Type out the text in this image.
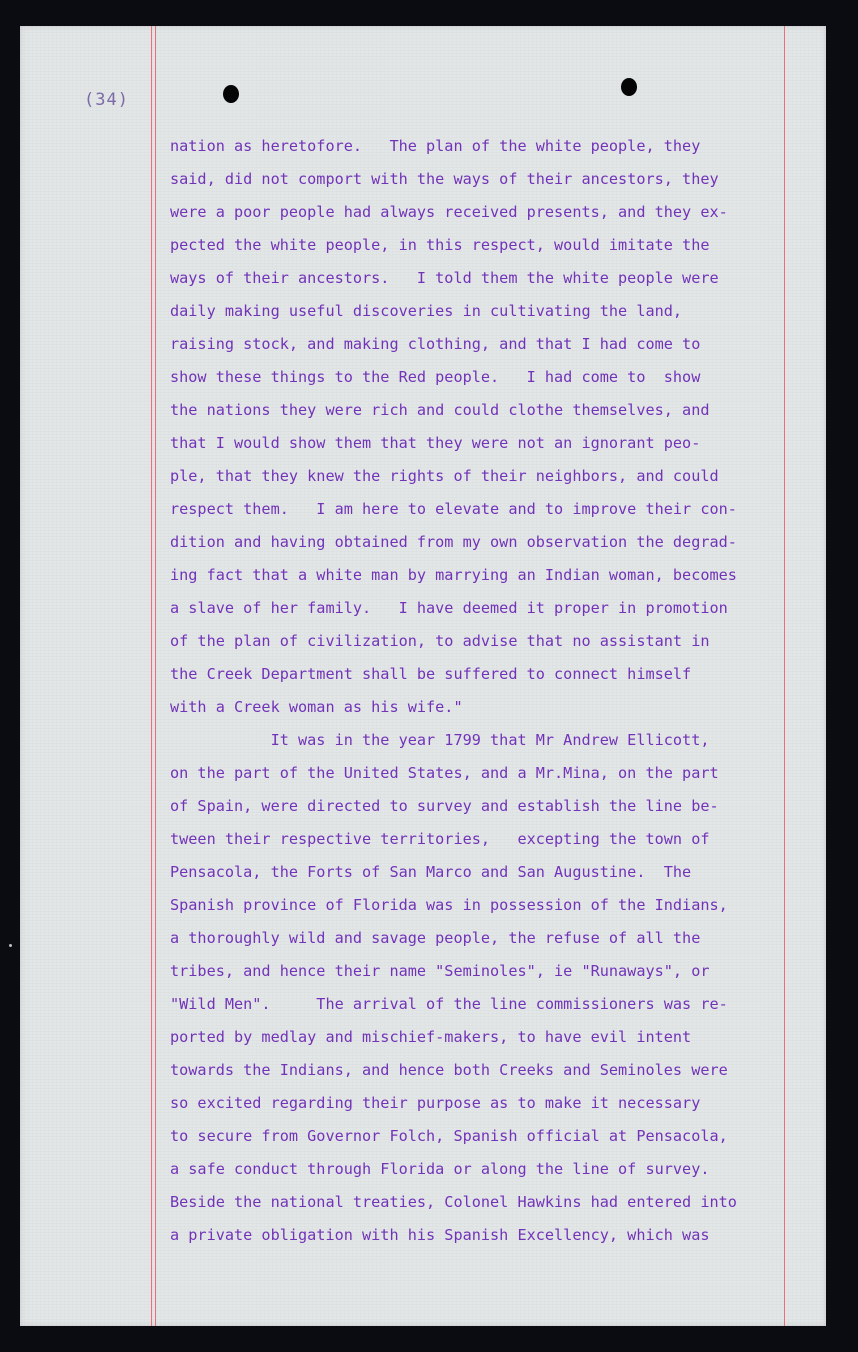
(34)
nation as heretofore.   The plan of the white people, they
said, did not comport with the ways of their ancestors, they
were a poor people had always received presents, and they ex-
pected the white people, in this respect, would imitate the
ways of their ancestors.   I told them the white people were
daily making useful discoveries in cultivating the land,
raising stock, and making clothing, and that I had come to
show these things to the Red people.   I had come to  show
the nations they were rich and could clothe themselves, and
that I would show them that they were not an ignorant peo-
ple, that they knew the rights of their neighbors, and could
respect them.   I am here to elevate and to improve their con-
dition and having obtained from my own observation the degrad-
ing fact that a white man by marrying an Indian woman, becomes
a slave of her family.   I have deemed it proper in promotion
of the plan of civilization, to advise that no assistant in
the Creek Department shall be suffered to connect himself
with a Creek woman as his wife."
It was in the year 1799 that Mr Andrew Ellicott,
on the part of the United States, and a Mr.Mina, on the part
of Spain, were directed to survey and establish the line be-
tween their respective territories,   excepting the town of
Pensacola, the Forts of San Marco and San Augustine.  The
Spanish province of Florida was in possession of the Indians,
a thoroughly wild and savage people, the refuse of all the
tribes, and hence their name "Seminoles", ie "Runaways", or
"Wild Men".     The arrival of the line commissioners was re-
ported by medlay and mischief-makers, to have evil intent
towards the Indians, and hence both Creeks and Seminoles were
so excited regarding their purpose as to make it necessary
to secure from Governor Folch, Spanish official at Pensacola,
a safe conduct through Florida or along the line of survey.
Beside the national treaties, Colonel Hawkins had entered into
a private obligation with his Spanish Excellency, which was
